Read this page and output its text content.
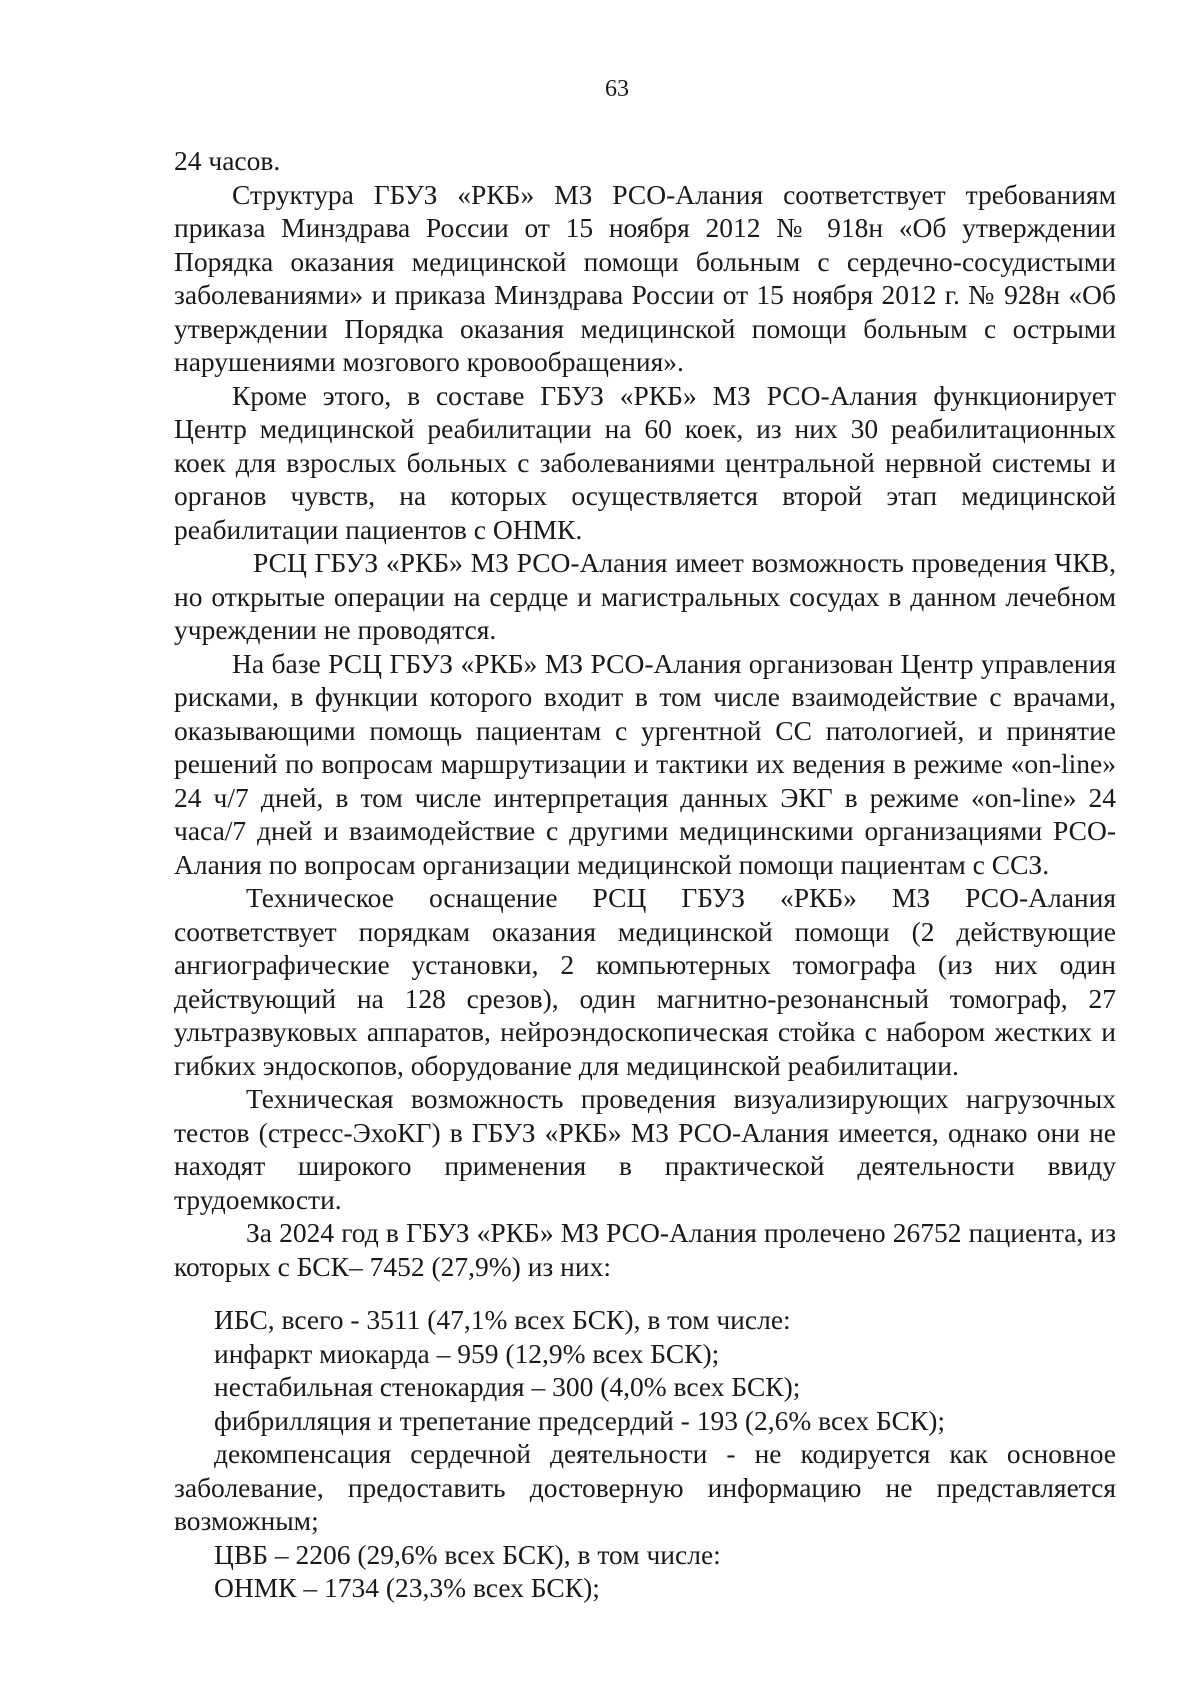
63

24 часов.

Структура ГБУЗ «РКБ» МЗ РСО-Алания соответствует требованиям приказа Минздрава России от 15 ноября 2012 № 918н «Об утверждении Порядка оказания медицинской помощи больным с сердечно-сосудистыми заболеваниями» и приказа Минздрава России от 15 ноября 2012 г. № 928н «Об утверждении Порядка оказания медицинской помощи больным с острыми нарушениями мозгового кровообращения».

Кроме этого, в составе ГБУЗ «РКБ» МЗ РСО-Алания функционирует Центр медицинской реабилитации на 60 коек, из них 30 реабилитационных коек для взрослых больных с заболеваниями центральной нервной системы и органов чувств, на которых осуществляется второй этап медицинской реабилитации пациентов с ОНМК.

РСЦ ГБУЗ «РКБ» МЗ РСО-Алания имеет возможность проведения ЧКВ, но открытые операции на сердце и магистральных сосудах в данном лечебном учреждении не проводятся.

На базе РСЦ ГБУЗ «РКБ» МЗ РСО-Алания организован Центр управления рисками, в функции которого входит в том числе взаимодействие с врачами, оказывающими помощь пациентам с ургентной СС патологией, и принятие решений по вопросам маршрутизации и тактики их ведения в режиме «on-line» 24 ч/7 дней, в том числе интерпретация данных ЭКГ в режиме «on-line» 24 часа/7 дней и взаимодействие с другими медицинскими организациями РСО-Алания по вопросам организации медицинской помощи пациентам с ССЗ.

Техническое оснащение РСЦ ГБУЗ «РКБ» МЗ РСО-Алания соответствует порядкам оказания медицинской помощи (2 действующие ангиографические установки, 2 компьютерных томографа (из них один действующий на 128 срезов), один магнитно-резонансный томограф, 27 ультразвуковых аппаратов, нейроэндоскопическая стойка с набором жестких и гибких эндоскопов, оборудование для медицинской реабилитации.

Техническая возможность проведения визуализирующих нагрузочных тестов (стресс-ЭхоКГ) в ГБУЗ «РКБ» МЗ РСО-Алания имеется, однако они не находят широкого применения в практической деятельности ввиду трудоемкости.

За 2024 год в ГБУЗ «РКБ» МЗ РСО-Алания пролечено 26752 пациента, из которых с БСК– 7452 (27,9%) из них:

ИБС, всего - 3511 (47,1% всех БСК), в том числе:

инфаркт миокарда – 959 (12,9% всех БСК);

нестабильная стенокардия – 300 (4,0% всех БСК);

фибрилляция и трепетание предсердий - 193 (2,6% всех БСК);

декомпенсация сердечной деятельности - не кодируется как основное заболевание, предоставить достоверную информацию не представляется возможным;

ЦВБ – 2206 (29,6% всех БСК), в том числе:

ОНМК – 1734 (23,3% всех БСК);
